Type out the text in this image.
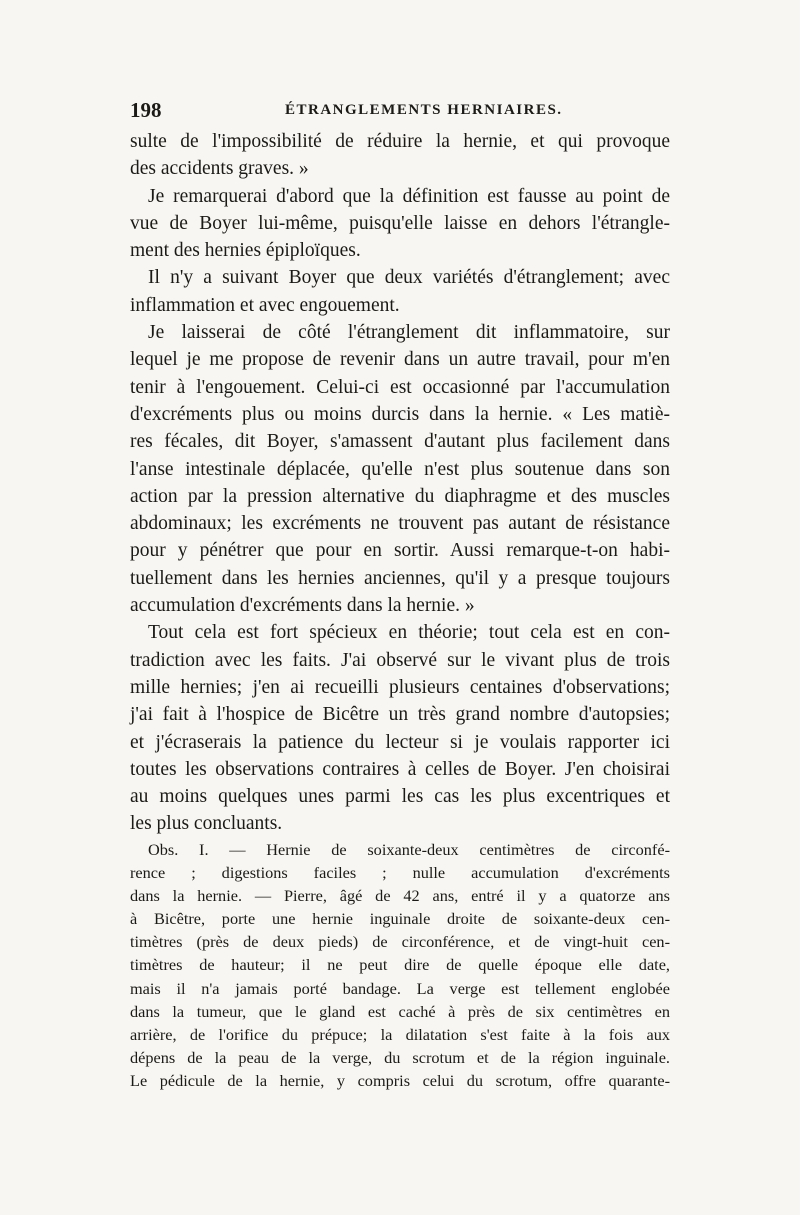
198	ÉTRANGLEMENTS HERNIAIRES.
sulte de l'impossibilité de réduire la hernie, et qui provoque
des accidents graves. »
Je remarquerai d'abord que la définition est fausse au point de
vue de Boyer lui-même, puisqu'elle laisse en dehors l'étrangle-
ment des hernies épiploïques.
Il n'y a suivant Boyer que deux variétés d'étranglement; avec
inflammation et avec engouement.
Je laisserai de côté l'étranglement dit inflammatoire, sur
lequel je me propose de revenir dans un autre travail, pour m'en
tenir à l'engouement. Celui-ci est occasionné par l'accumulation
d'excréments plus ou moins durcis dans la hernie. « Les matiè-
res fécales, dit Boyer, s'amassent d'autant plus facilement dans
l'anse intestinale déplacée, qu'elle n'est plus soutenue dans son
action par la pression alternative du diaphragme et des muscles
abdominaux; les excréments ne trouvent pas autant de résistance
pour y pénétrer que pour en sortir. Aussi remarque-t-on habi-
tuellement dans les hernies anciennes, qu'il y a presque toujours
accumulation d'excréments dans la hernie. »
Tout cela est fort spécieux en théorie; tout cela est en con-
tradiction avec les faits. J'ai observé sur le vivant plus de trois
mille hernies; j'en ai recueilli plusieurs centaines d'observations;
j'ai fait à l'hospice de Bicêtre un très grand nombre d'autopsies;
et j'écraserais la patience du lecteur si je voulais rapporter ici
toutes les observations contraires à celles de Boyer. J'en choisirai
au moins quelques unes parmi les cas les plus excentriques et
les plus concluants.
Obs. I. — Hernie de soixante-deux centimètres de circonfé-
rence ; digestions faciles ; nulle accumulation d'excréments
dans la hernie. — Pierre, âgé de 42 ans, entré il y a quatorze ans
à Bicêtre, porte une hernie inguinale droite de soixante-deux cen-
timètres (près de deux pieds) de circonférence, et de vingt-huit cen-
timètres de hauteur; il ne peut dire de quelle époque elle date,
mais il n'a jamais porté bandage. La verge est tellement englobée
dans la tumeur, que le gland est caché à près de six centimètres en
arrière, de l'orifice du prépuce; la dilatation s'est faite à la fois aux
dépens de la peau de la verge, du scrotum et de la région inguinale.
Le pédicule de la hernie, y compris celui du scrotum, offre quarante-
